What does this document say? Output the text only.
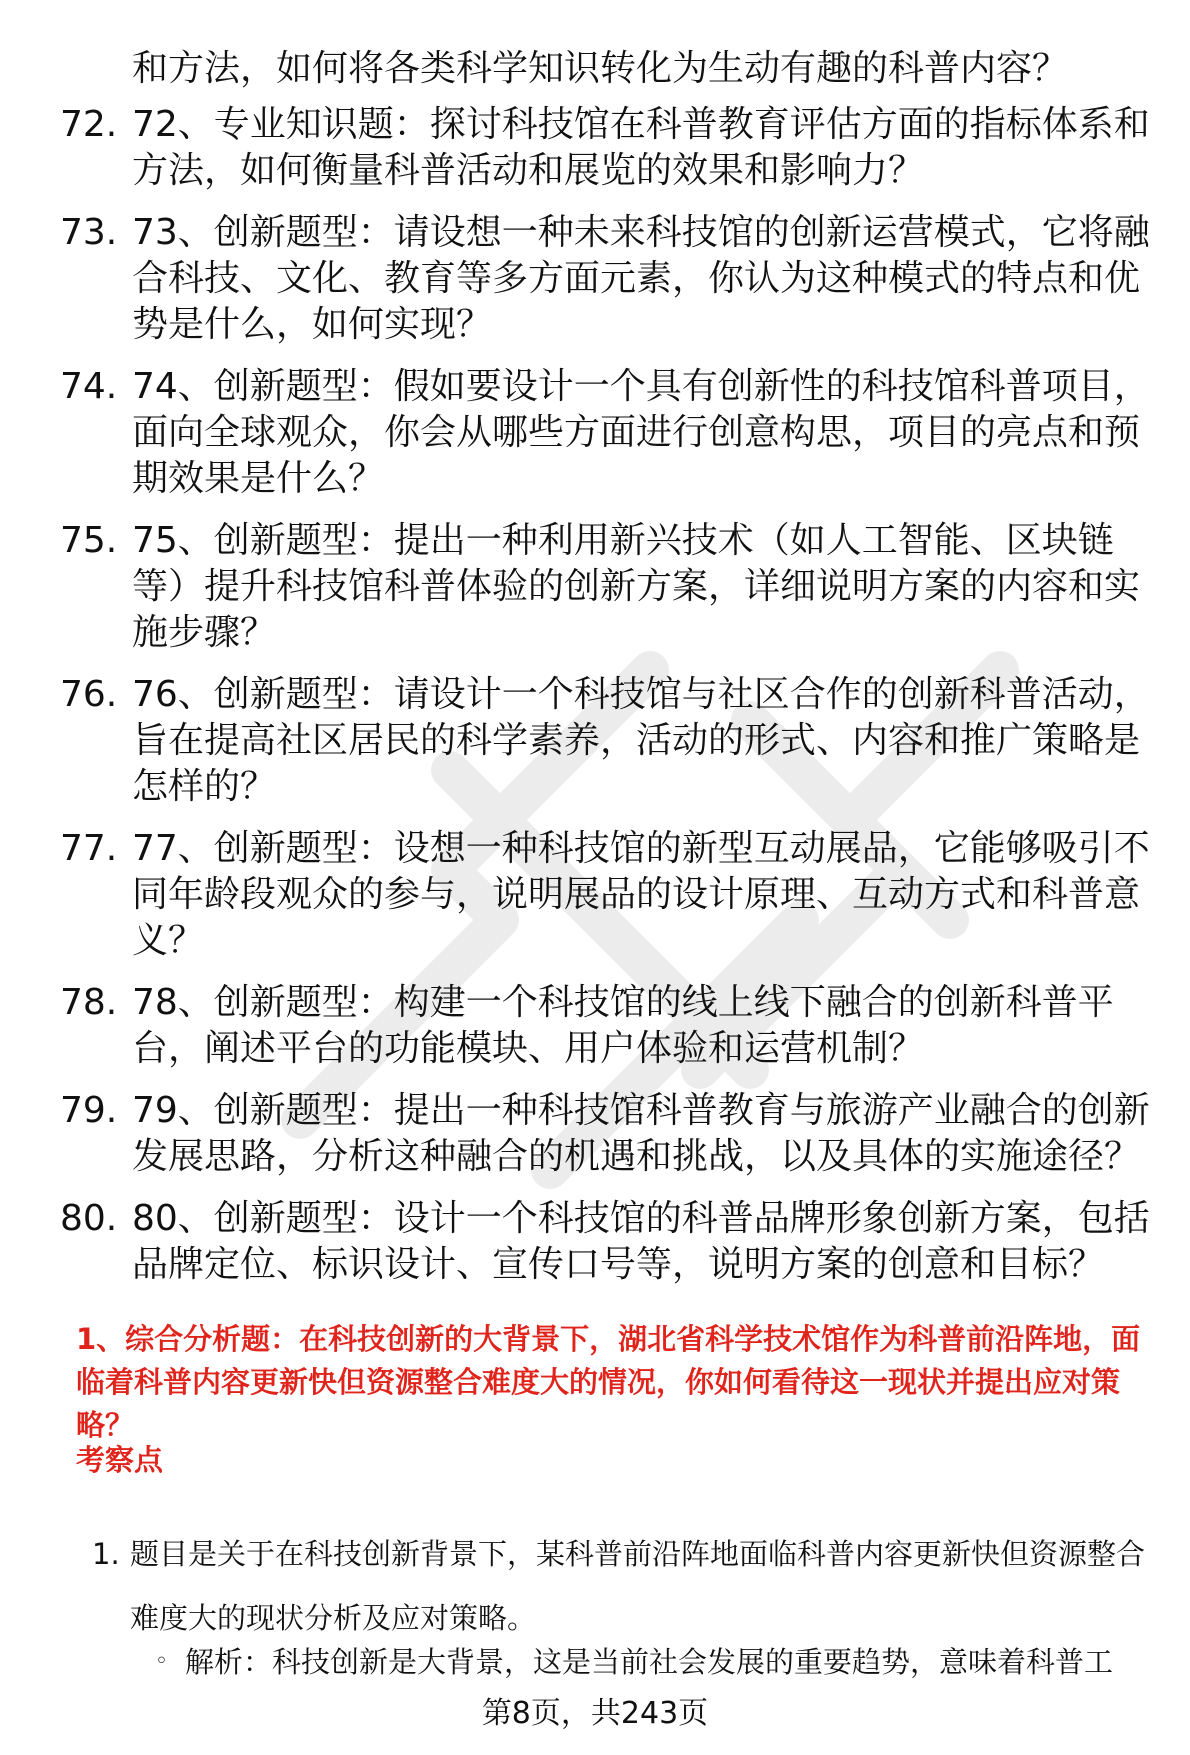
和方法，如何将各类科学知识转化为生动有趣的科普内容？

72. 72、专业知识题：探讨科技馆在科普教育评估方面的指标体系和方法，如何衡量科普活动和展览的效果和影响力？
73. 73、创新题型：请设想一种未来科技馆的创新运营模式，它将融合科技、文化、教育等多方面元素，你认为这种模式的特点和优势是什么，如何实现？
74. 74、创新题型：假如要设计一个具有创新性的科技馆科普项目，面向全球观众，你会从哪些方面进行创意构思，项目的亮点和预期效果是什么？
75. 75、创新题型：提出一种利用新兴技术（如人工智能、区块链等）提升科技馆科普体验的创新方案，详细说明方案的内容和实施步骤？
76. 76、创新题型：请设计一个科技馆与社区合作的创新科普活动，旨在提高社区居民的科学素养，活动的形式、内容和推广策略是怎样的？
77. 77、创新题型：设想一种科技馆的新型互动展品，它能够吸引不同年龄段观众的参与，说明展品的设计原理、互动方式和科普意义？
78. 78、创新题型：构建一个科技馆的线上线下融合的创新科普平台，阐述平台的功能模块、用户体验和运营机制？
79. 79、创新题型：提出一种科技馆科普教育与旅游产业融合的创新发展思路，分析这种融合的机遇和挑战，以及具体的实施途径？
80. 80、创新题型：设计一个科技馆的科普品牌形象创新方案，包括品牌定位、标识设计、宣传口号等，说明方案的创意和目标？

1、综合分析题：在科技创新的大背景下，湖北省科学技术馆作为科普前沿阵地，面临着科普内容更新快但资源整合难度大的情况，你如何看待这一现状并提出应对策略？

考察点

1. 题目是关于在科技创新背景下，某科普前沿阵地面临科普内容更新快但资源整合难度大的现状分析及应对策略。

◦ 解析：科技创新是大背景，这是当前社会发展的重要趋势，意味着科普工

第8页，共243页
